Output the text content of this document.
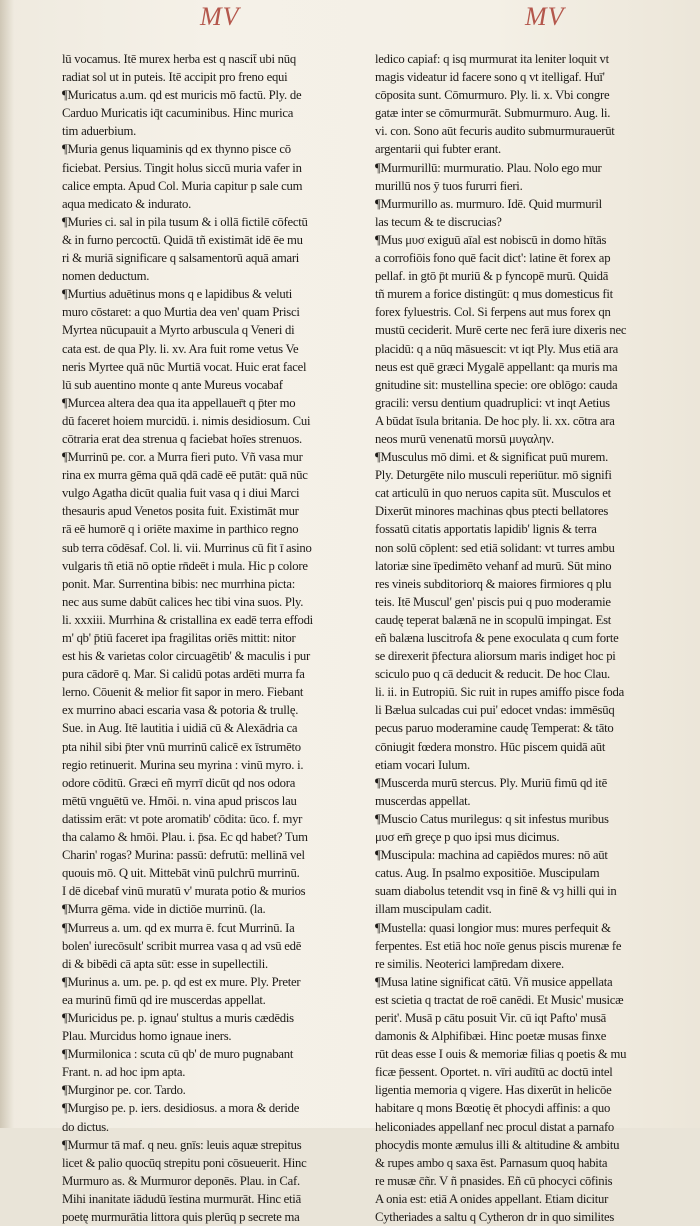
MV	MV
lū vocamus. Itē murex herba est q nascit̄ ubi nūq
radiat sol ut in puteis. Itē accipit pro freno equi
¶Muricatus a.um. qd est muricis mō factū. Ply. de
Carduo Muricatis iq̄t cacuminibus. Hinc murica
tim aduerbium.
¶Muria genus liquaminis qd ex thynno pisce cō
ficiebat. Persius. Tingit holus siccū muria vafer in
calice empta. Apud Col. Muria capitur p sale cum
aqua medicato & indurato.
¶Muries ci. sal in pila tusum & i ollā fictilē cōfectū
& in furno percoctū. Quidā tñ existimāt idē ēe mu
ri & muriā significare q salsamentorū aquā amari
nomen deductum.
¶Murtius aduētinus mons q e lapidibus & veluti
muro cōstaret: a quo Murtia dea ven' quam Prisci
Myrtea nūcupauit a Myrto arbuscula q Veneri di
cata est. de qua Ply. li. xv. Ara fuit rome vetus Ve
neris Myrtee quā nūc Murtiā vocat. Huic erat facel
lū sub auentino monte q ante Mureus vocabaf
¶Murcea altera dea qua ita appellauer̄t q p̄ter mo
dū faceret hoiem murcidū. i. nimis desidiosum. Cui
cōtraria erat dea strenua q faciebat hoīes strenuos.
¶Murrinū pe. cor. a Murra fieri puto. Vñ vasa mur
rina ex murra gēma quā qdā cadē eē putāt: quā nūc
vulgo Agatha dicūt qualia fuit vasa q i diui Marci
thesauris apud Venetos posita fuit. Existimāt mur
rā eē humorē q i oriēte maxime in parthico regno
sub terra cōdēsaf. Col. li. vii. Murrinus cū fit ī asino
vulgaris tñ etiā nō optie rn̄deēt i mula. Hic p colore
ponit. Mar. Surrentina bibis: nec murrhina picta:
nec aus sume dabūt calices hec tibi vina suos. Ply.
li. xxxiii. Murrhina & cristallina ex eadē terra effodi
m' qb' p̄tiū faceret ipa fragilitas oriēs mittit: nitor
est his & varietas color circuagētib' & maculis i pur
pura cādorē q. Mar. Si calidū potas ardēti murra fa
lerno. Cōuenit & melior fit sapor in mero. Fiebant
ex murrino abaci escaria vasa & potoria & trullę.
Sue. in Aug. Itē lautitia i uidiā cū & Alexādria ca
pta nihil sibi p̄ter vnū murrinū calicē ex īstrumēto
regio retinuerit. Murina seu myrina : vinū myro. i.
odore cōditū. Græci eñ myrrī dicūt qd nos odora
mētū vnguētū ve. Hmōi. n. vina apud priscos lau
datissim erāt: vt pote aromatib' cōdita: ūco. f. myr
tha calamo & hmōi. Plau. i. p̄sa. Ec qd habet? Tum
Charin' rogas? Murina: passū: defrutū: mellinā vel
quouis mō. Q uit. Mittebāt vinū pulchrū murrinū.
I dē dicebaf vinū muratū v' murata potio & murios
¶Murra gēma. vide in dictiōe murrinū. (la.
¶Murreus a. um. qd ex murra ē. fcut Murrinū. Ia
bolen' iurecōsult' scribit murrea vasa q ad vsū edē
di & bibēdi cā apta sūt: esse in supellectili.
¶Murinus a. um. pe. p. qd est ex mure. Ply. Preter
ea murinū fimū qd ire muscerdas appellat.
¶Muricidus pe. p. ignau' stultus a muris cædēdis
Plau. Murcidus homo ignaue iners.
¶Murmilonica : scuta cū qb' de muro pugnabant
Frant. n. ad hoc ipm apta.
¶Murginor pe. cor. Tardo.
¶Murgiso pe. p. iers. desidiosus. a mora & deride
do dictus.
¶Murmur tā maf. q neu. gnīs: leuis aquæ strepitus
licet & palio quocūq strepitu poni cōsueuerit. Hinc
Murmuro as. & Murmuror deponēs. Plau. in Caf.
Mihi inanitate iādudū īestina murmurāt. Hinc etiā
poetę murmurātia littora quis plerūq p secrete ma
ledico capiaf: q isq murmurat ita leniter loquit vt
magis videatur id facere sono q vt itelligaf. Huī'
cōposita sunt. Cōmurmuro. Ply. li. x. Vbi congre
gatæ inter se cōmurmurāt. Submurmuro. Aug. li.
vi. con. Sono aūt fecuris audito submurmurauerūt
argentarii qui fubter erant.
¶Murmurillū: murmuratio. Plau. Nolo ego mur
murillū nos ȳ tuos fururri fieri.
¶Murmurillo as. murmuro. Idē. Quid murmuril
las tecum & te discrucias?
¶Mus μυσ exiguū aīal est nobiscū in domo hītās
a corrofiōis fono quē facit dict': latine ēt forex ap
pellaf. in gtō p̄t muriū & p fyncopē murū. Quidā
tñ murem a forice distingūt: q mus domesticus fit
forex fyluestris. Col. Si ferpens aut mus forex qn
mustū ceciderit. Murē certe nec ferā iure dixeris nec
placidū: q a nūq māsuescit: vt iqt Ply. Mus etiā ara
neus est quē græci Mygalē appellant: qa muris ma
gnitudine sit: mustellina specie: ore oblōgo: cauda
gracili: versu dentium quadruplici: vt inqt Aetius
A būdat īsula britania. De hoc ply. li. xx. cōtra ara
neos murū venenatū morsū μυγαλην.
¶Musculus mō dimi. et & significat puū murem.
Ply. Deturgēte nilo musculi reperiūtur. mō signifi
cat articulū in quo neruos capita sūt. Musculos et
Dixerūt minores machinas qbus ptecti bellatores
fossatū citatis apportatis lapidib' lignis & terra
non solū cōplent: sed etiā solidant: vt turres ambu
latoriæ sine īpedimēto vehanf ad murū. Sūt mino
res vineis subditoriorq & maiores firmiores q plu
teis. Itē Muscul' gen' piscis pui q puo moderamie
caudę teperat balænā ne in scopulū impingat. Est
eñ balæna luscitrofa & pene exoculata q cum forte
se direxerit p̄fectura aliorsum maris indiget hoc pi
sciculo puo q cā deducit & reducit. De hoc Clau.
li. ii. in Eutropiū. Sic ruit in rupes amiffo pisce foda
li Bælua sulcadas cui pui' edocet vndas: immēsūq
pecus paruo moderamine caudę Temperat: & tāto
cōniugit fœdera monstro. Hūc piscem quidā aūt
etiam vocari Iulum.
¶Muscerda murū stercus. Ply. Muriū fimū qd itē
muscerdas appellat.
¶Muscio Catus murilegus: q sit infestus muribus
μυσ em̄ greçe p quo ipsi mus dicimus.
¶Muscipula: machina ad capiēdos mures: nō aūt
catus. Aug. In psalmo expositiōe. Muscipulam
suam diabolus tetendit vsq in finē & vȝ hilli qui in
illam muscipulam cadit.
¶Mustella: quasi longior mus: mures perfequit &
ferpentes. Est etiā hoc noīe genus piscis murenæ fe
re similis. Neoterici lamp̄redam dixere.
¶Musa latine significat cātū. Vñ musice appellata
est scietia q tractat de roē canēdi. Et Music' musicæ
perit'. Musā p cātu posuit Vir. cū iqt Pafto' musā
damonis & Alphifibæi. Hinc poetæ musas finxe
rūt deas esse I ouis & memoriæ filias q poetis & mu
ficæ p̄essent. Oportet. n. vīri audītū ac doctū intel
ligentia memoria q vigere. Has dixerūt in helicōe
habitare q mons Bœotię ēt phocydi affinis: a quo
heliconiades appellanf nec procul distat a parnafo
phocydis monte æmulus illi & altitudine & ambitu
& rupes ambo q saxa ēst. Parnasum quoq habita
re musæ c̄ñr. V ñ pnasides. Eñ cū phocyci cōfinis
A onia est: etiā A onides appellant. Etiam dicitur
Cytheriades a saltu q Cytheron dr in quo similites
